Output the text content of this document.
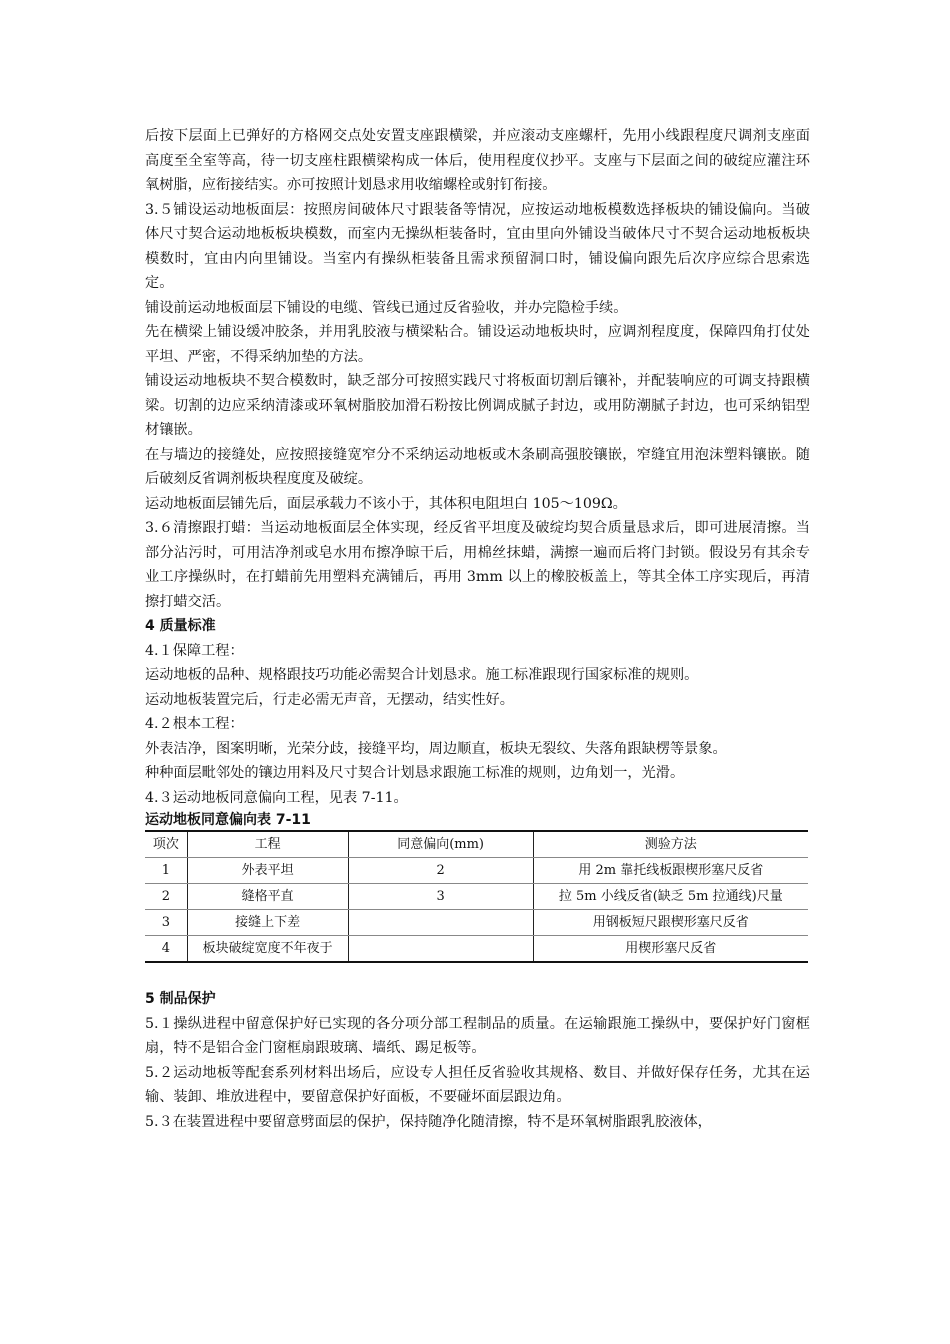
后按下层面上已弹好的方格网交点处安置支座跟横梁，并应滚动支座螺杆，先用小线跟程度尺调剂支座面高度至全室等高，待一切支座柱跟横梁构成一体后，使用程度仪抄平。支座与下层面之间的破绽应灌注环氧树脂，应衔接结实。亦可按照计划恳求用收缩螺栓或射钉衔接。

3.５铺设运动地板面层：按照房间破体尺寸跟装备等情况，应按运动地板模数选择板块的铺设偏向。当破体尺寸契合运动地板板块模数，而室内无操纵柜装备时，宜由里向外铺设当破体尺寸不契合运动地板板块模数时，宜由内向里铺设。当室内有操纵柜装备且需求预留洞口时，铺设偏向跟先后次序应综合思索选定。

铺设前运动地板面层下铺设的电缆、管线已通过反省验收，并办完隐检手续。

先在横梁上铺设缓冲胶条，并用乳胶液与横梁粘合。铺设运动地板块时，应调剂程度度，保障四角打仗处平坦、严密，不得采纳加垫的方法。

铺设运动地板块不契合模数时，缺乏部分可按照实践尺寸将板面切割后镶补，并配装响应的可调支持跟横梁。切割的边应采纳清漆或环氧树脂胶加滑石粉按比例调成腻子封边，或用防潮腻子封边，也可采纳铝型材镶嵌。

在与墙边的接缝处，应按照接缝宽窄分不采纳运动地板或木条刷高强胶镶嵌，窄缝宜用泡沫塑料镶嵌。随后破刻反省调剂板块程度度及破绽。

运动地板面层铺先后，面层承载力不该小于，其体积电阻坦白 105～109Ω。

3.６清擦跟打蜡：当运动地板面层全体实现，经反省平坦度及破绽均契合质量恳求后，即可进展清擦。当部分沾污时，可用洁净剂或皂水用布擦净晾干后，用棉丝抹蜡，满擦一遍而后将门封锁。假设另有其余专业工序操纵时，在打蜡前先用塑料充满铺后，再用 3mm 以上的橡胶板盖上，等其全体工序实现后，再清擦打蜡交活。

4 质量标准

4.１保障工程：

运动地板的品种、规格跟技巧功能必需契合计划恳求。施工标准跟现行国家标准的规则。

运动地板装置完后，行走必需无声音，无摆动，结实性好。

4.２根本工程：

外表洁净，图案明晰，光荣分歧，接缝平均，周边顺直，板块无裂纹、失落角跟缺楞等景象。

种种面层毗邻处的镶边用料及尺寸契合计划恳求跟施工标准的规则，边角划一，光滑。

4.３运动地板同意偏向工程，见表 7-11。

运动地板同意偏向表 7-11

项次	工程	同意偏向(mm)	测验方法
1	外表平坦	2	用 2m 靠托线板跟楔形塞尺反省
2	缝格平直	3	拉 5m 小线反省(缺乏 5m 拉通线)尺量
3	接缝上下差		用钢板短尺跟楔形塞尺反省
4	板块破绽宽度不年夜于		用楔形塞尺反省

5 制品保护

5.１操纵进程中留意保护好已实现的各分项分部工程制品的质量。在运输跟施工操纵中，要保护好门窗框扇，特不是铝合金门窗框扇跟玻璃、墙纸、踢足板等。

5.２运动地板等配套系列材料出场后，应设专人担任反省验收其规格、数目、并做好保存任务，尤其在运输、装卸、堆放进程中，要留意保护好面板，不要碰坏面层跟边角。

5.３在装置进程中要留意劈面层的保护，保持随净化随清擦，特不是环氧树脂跟乳胶液体，
